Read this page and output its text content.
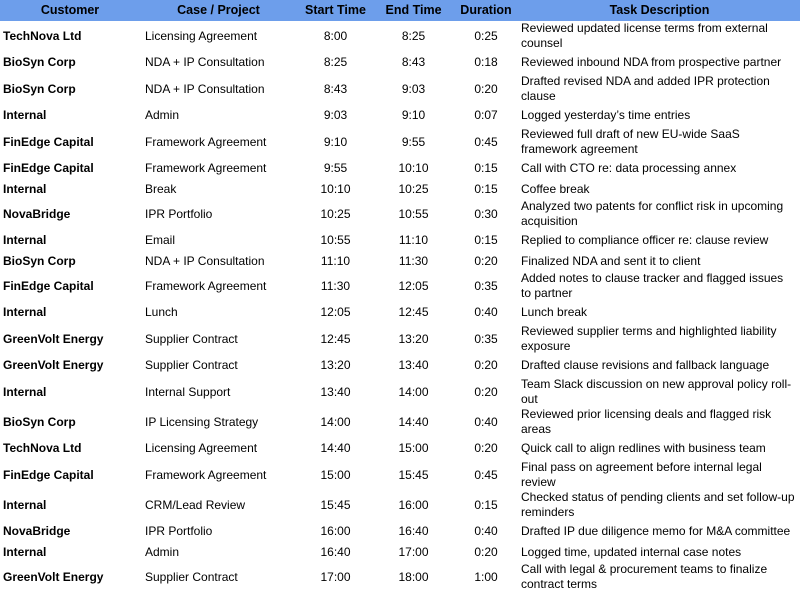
Customer	Case / Project	Start Time	End Time	Duration	Task Description
TechNova Ltd	Licensing Agreement	8:00	8:25	0:25	Reviewed updated license terms from external counsel
BioSyn Corp	NDA + IP Consultation	8:25	8:43	0:18	Reviewed inbound NDA from prospective partner
BioSyn Corp	NDA + IP Consultation	8:43	9:03	0:20	Drafted revised NDA and added IPR protection clause
Internal	Admin	9:03	9:10	0:07	Logged yesterday’s time entries
FinEdge Capital	Framework Agreement	9:10	9:55	0:45	Reviewed full draft of new EU-wide SaaS framework agreement
FinEdge Capital	Framework Agreement	9:55	10:10	0:15	Call with CTO re: data processing annex
Internal	Break	10:10	10:25	0:15	Coffee break
NovaBridge	IPR Portfolio	10:25	10:55	0:30	Analyzed two patents for conflict risk in upcoming acquisition
Internal	Email	10:55	11:10	0:15	Replied to compliance officer re: clause review
BioSyn Corp	NDA + IP Consultation	11:10	11:30	0:20	Finalized NDA and sent it to client
FinEdge Capital	Framework Agreement	11:30	12:05	0:35	Added notes to clause tracker and flagged issues to partner
Internal	Lunch	12:05	12:45	0:40	Lunch break
GreenVolt Energy	Supplier Contract	12:45	13:20	0:35	Reviewed supplier terms and highlighted liability exposure
GreenVolt Energy	Supplier Contract	13:20	13:40	0:20	Drafted clause revisions and fallback language
Internal	Internal Support	13:40	14:00	0:20	Team Slack discussion on new approval policy roll-out
BioSyn Corp	IP Licensing Strategy	14:00	14:40	0:40	Reviewed prior licensing deals and flagged risk areas
TechNova Ltd	Licensing Agreement	14:40	15:00	0:20	Quick call to align redlines with business team
FinEdge Capital	Framework Agreement	15:00	15:45	0:45	Final pass on agreement before internal legal review
Internal	CRM/Lead Review	15:45	16:00	0:15	Checked status of pending clients and set follow-up reminders
NovaBridge	IPR Portfolio	16:00	16:40	0:40	Drafted IP due diligence memo for M&A committee
Internal	Admin	16:40	17:00	0:20	Logged time, updated internal case notes
GreenVolt Energy	Supplier Contract	17:00	18:00	1:00	Call with legal & procurement teams to finalize contract terms
